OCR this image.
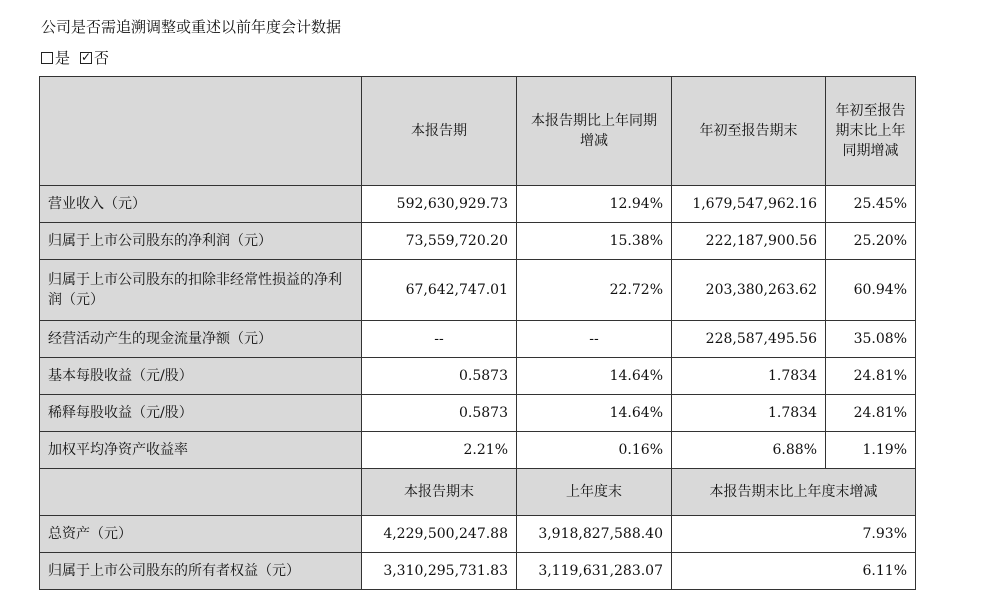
公司是否需追溯调整或重述以前年度会计数据
是 ✓ 否
	本报告期	本报告期比上年同期增减	年初至报告期末	年初至报告期末比上年同期增减
营业收入（元）	592,630,929.73	12.94%	1,679,547,962.16	25.45%
归属于上市公司股东的净利润（元）	73,559,720.20	15.38%	222,187,900.56	25.20%
归属于上市公司股东的扣除非经常性损益的净利润（元）	67,642,747.01	22.72%	203,380,263.62	60.94%
经营活动产生的现金流量净额（元）	--	--	228,587,495.56	35.08%
基本每股收益（元/股）	0.5873	14.64%	1.7834	24.81%
稀释每股收益（元/股）	0.5873	14.64%	1.7834	24.81%
加权平均净资产收益率	2.21%	0.16%	6.88%	1.19%
	本报告期末	上年度末	本报告期末比上年度末增减	
总资产（元）	4,229,500,247.88	3,918,827,588.40	7.93%	
归属于上市公司股东的所有者权益（元）	3,310,295,731.83	3,119,631,283.07	6.11%	
